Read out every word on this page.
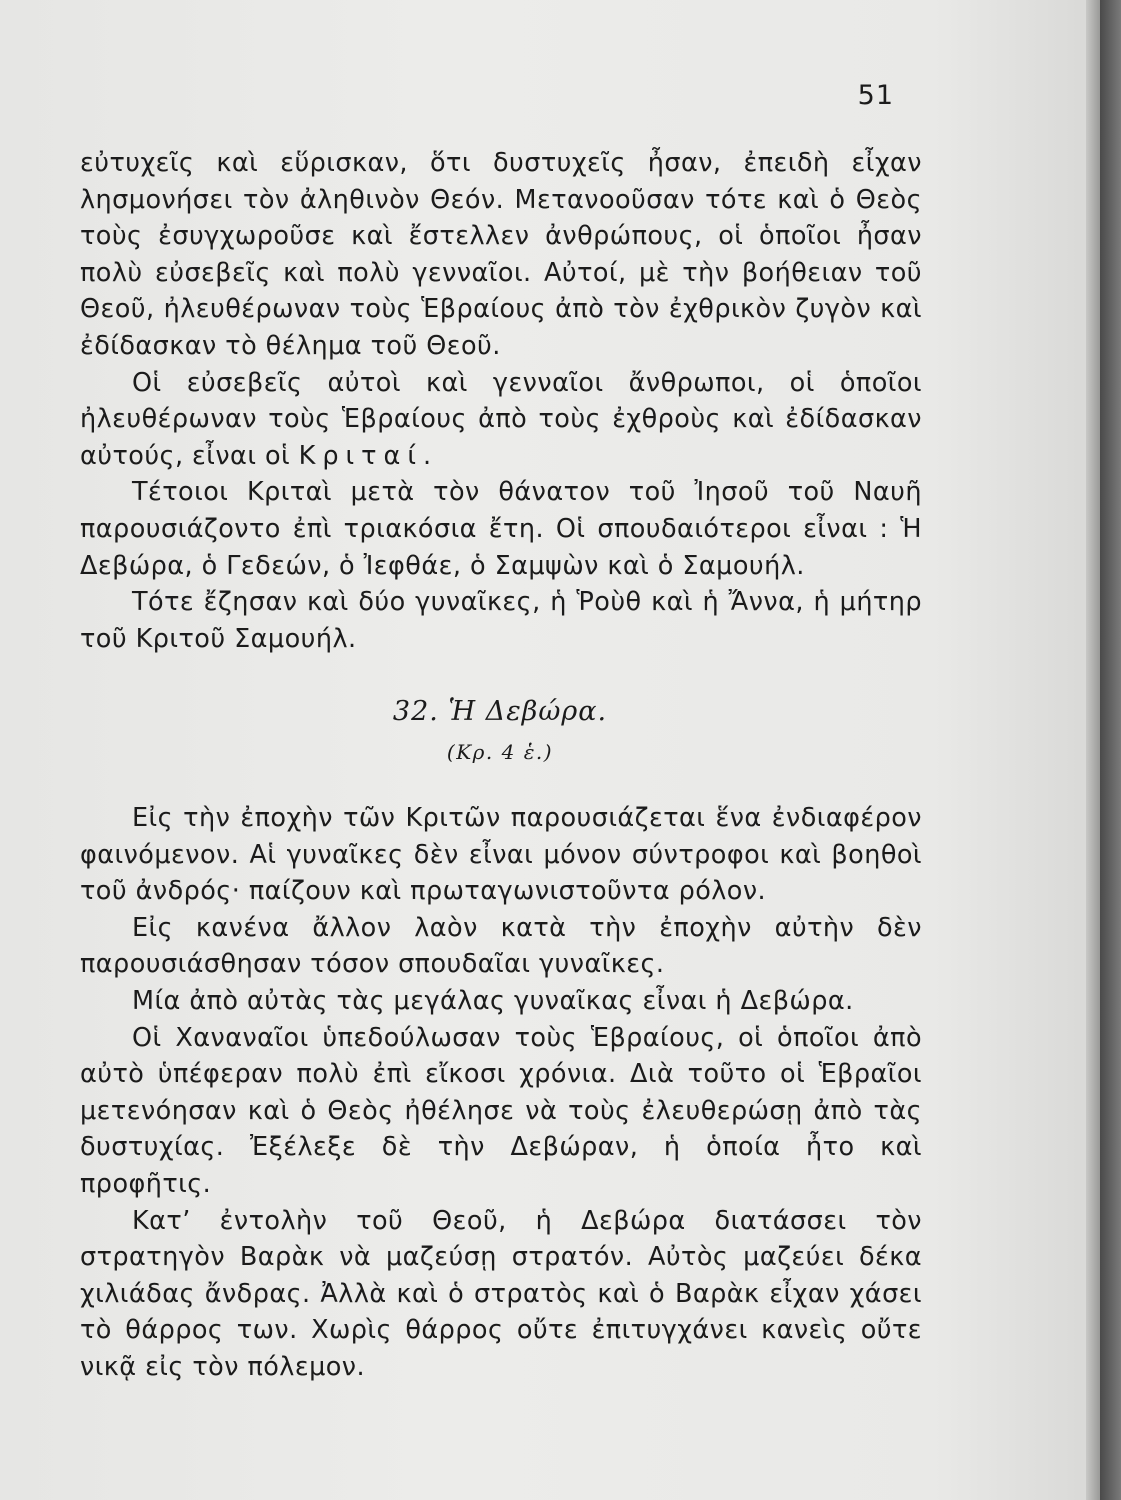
51

εὐτυχεῖς καὶ εὕρισκαν, ὅτι δυστυχεῖς ἦσαν, ἐπειδὴ εἶχαν λησμονήσει τὸν ἀληθινὸν Θεόν. Μετανοοῦσαν τότε καὶ ὁ Θεὸς τοὺς ἐσυγχωροῦσε καὶ ἔστελλεν ἀνθρώπους, οἱ ὁποῖοι ἦσαν πολὺ εὐσεβεῖς καὶ πολὺ γενναῖοι. Αὐτοί, μὲ τὴν βοήθειαν τοῦ Θεοῦ, ἠλευθέρωναν τοὺς Ἑβραίους ἀπὸ τὸν ἐχθρικὸν ζυγὸν καὶ ἐδίδασκαν τὸ θέλημα τοῦ Θεοῦ.

Οἱ εὐσεβεῖς αὐτοὶ καὶ γενναῖοι ἄνθρωποι, οἱ ὁποῖοι ἠλευθέρωναν τοὺς Ἑβραίους ἀπὸ τοὺς ἐχθροὺς καὶ ἐδίδασκαν αὐτούς, εἶναι οἱ Κριταί.

Τέτοιοι Κριταὶ μετὰ τὸν θάνατον τοῦ Ἰησοῦ τοῦ Ναυῆ παρουσιάζοντο ἐπὶ τριακόσια ἔτη. Οἱ σπουδαιότεροι εἶναι : Ἡ Δεβώρα, ὁ Γεδεών, ὁ Ἰεφθάε, ὁ Σαμψὼν καὶ ὁ Σαμουήλ.

Τότε ἔζησαν καὶ δύο γυναῖκες, ἡ Ῥοὺθ καὶ ἡ Ἄννα, ἡ μήτηρ τοῦ Κριτοῦ Σαμουήλ.

32. Ἡ Δεβώρα.
(Κρ. 4 ἑ.)

Εἰς τὴν ἐποχὴν τῶν Κριτῶν παρουσιάζεται ἕνα ἐνδιαφέρον φαινόμενον. Αἱ γυναῖκες δὲν εἶναι μόνον σύντροφοι καὶ βοηθοὶ τοῦ ἀνδρός· παίζουν καὶ πρωταγωνιστοῦντα ρόλον.

Εἰς κανένα ἄλλον λαὸν κατὰ τὴν ἐποχὴν αὐτὴν δὲν παρουσιάσθησαν τόσον σπουδαῖαι γυναῖκες.

Μία ἀπὸ αὐτὰς τὰς μεγάλας γυναῖκας εἶναι ἡ Δεβώρα.

Οἱ Χαναναῖοι ὑπεδούλωσαν τοὺς Ἑβραίους, οἱ ὁποῖοι ἀπὸ αὐτὸ ὑπέφεραν πολὺ ἐπὶ εἴκοσι χρόνια. Διὰ τοῦτο οἱ Ἑβραῖοι μετενόησαν καὶ ὁ Θεὸς ἠθέλησε νὰ τοὺς ἐλευθερώσῃ ἀπὸ τὰς δυστυχίας. Ἐξέλεξε δὲ τὴν Δεβώραν, ἡ ὁποία ἦτο καὶ προφῆτις.

Κατ’ ἐντολὴν τοῦ Θεοῦ, ἡ Δεβώρα διατάσσει τὸν στρατηγὸν Βαρὰκ νὰ μαζεύσῃ στρατόν. Αὐτὸς μαζεύει δέκα χιλιάδας ἄνδρας. Ἀλλὰ καὶ ὁ στρατὸς καὶ ὁ Βαρὰκ εἶχαν χάσει τὸ θάρρος των. Χωρὶς θάρρος οὔτε ἐπιτυγχάνει κανεὶς οὔτε νικᾷ εἰς τὸν πόλεμον.
